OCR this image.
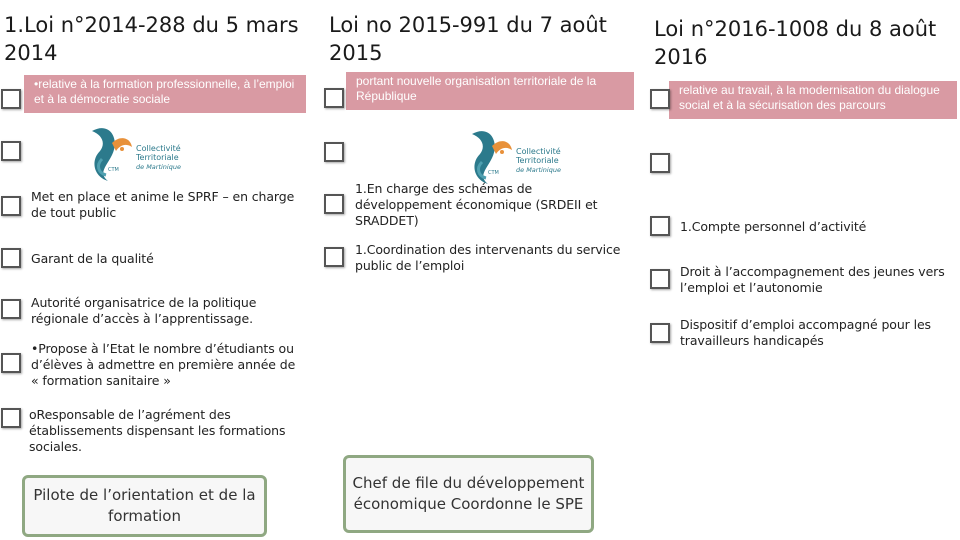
1.Loi n°2014-288 du 5 mars
2014
Loi no 2015-991 du 7 août
2015
Loi n°2016-1008 du 8 août
2016
•relative à la formation professionnelle, à l’emploi et à la démocratie sociale
portant nouvelle organisation territoriale de la République	relative au travail, à la modernisation du dialogue social et à la sécurisation des parcours
CTM
Collectivité
Territoriale
de Martinique
CTM
Collectivité
Territoriale
de Martinique
Met en place et anime le SPRF – en charge de tout public
Garant de la qualité
Autorité organisatrice de la politique régionale d’accès à l’apprentissage.
•Propose à l’Etat le nombre d’étudiants ou d’élèves à admettre en première année de « formation sanitaire »
oResponsable de l’agrément des établissements dispensant les formations sociales.
1.En charge des schémas de développement économique (SRDEII et SRADDET)
1.Coordination des intervenants du service public de l’emploi
1.Compte personnel d’activité
Droit à l’accompagnement des jeunes vers l’emploi et l’autonomie
Dispositif d’emploi accompagné pour les travailleurs handicapés
Pilote de l’orientation et de la formation
Chef de file du développement économique Coordonne le SPE
